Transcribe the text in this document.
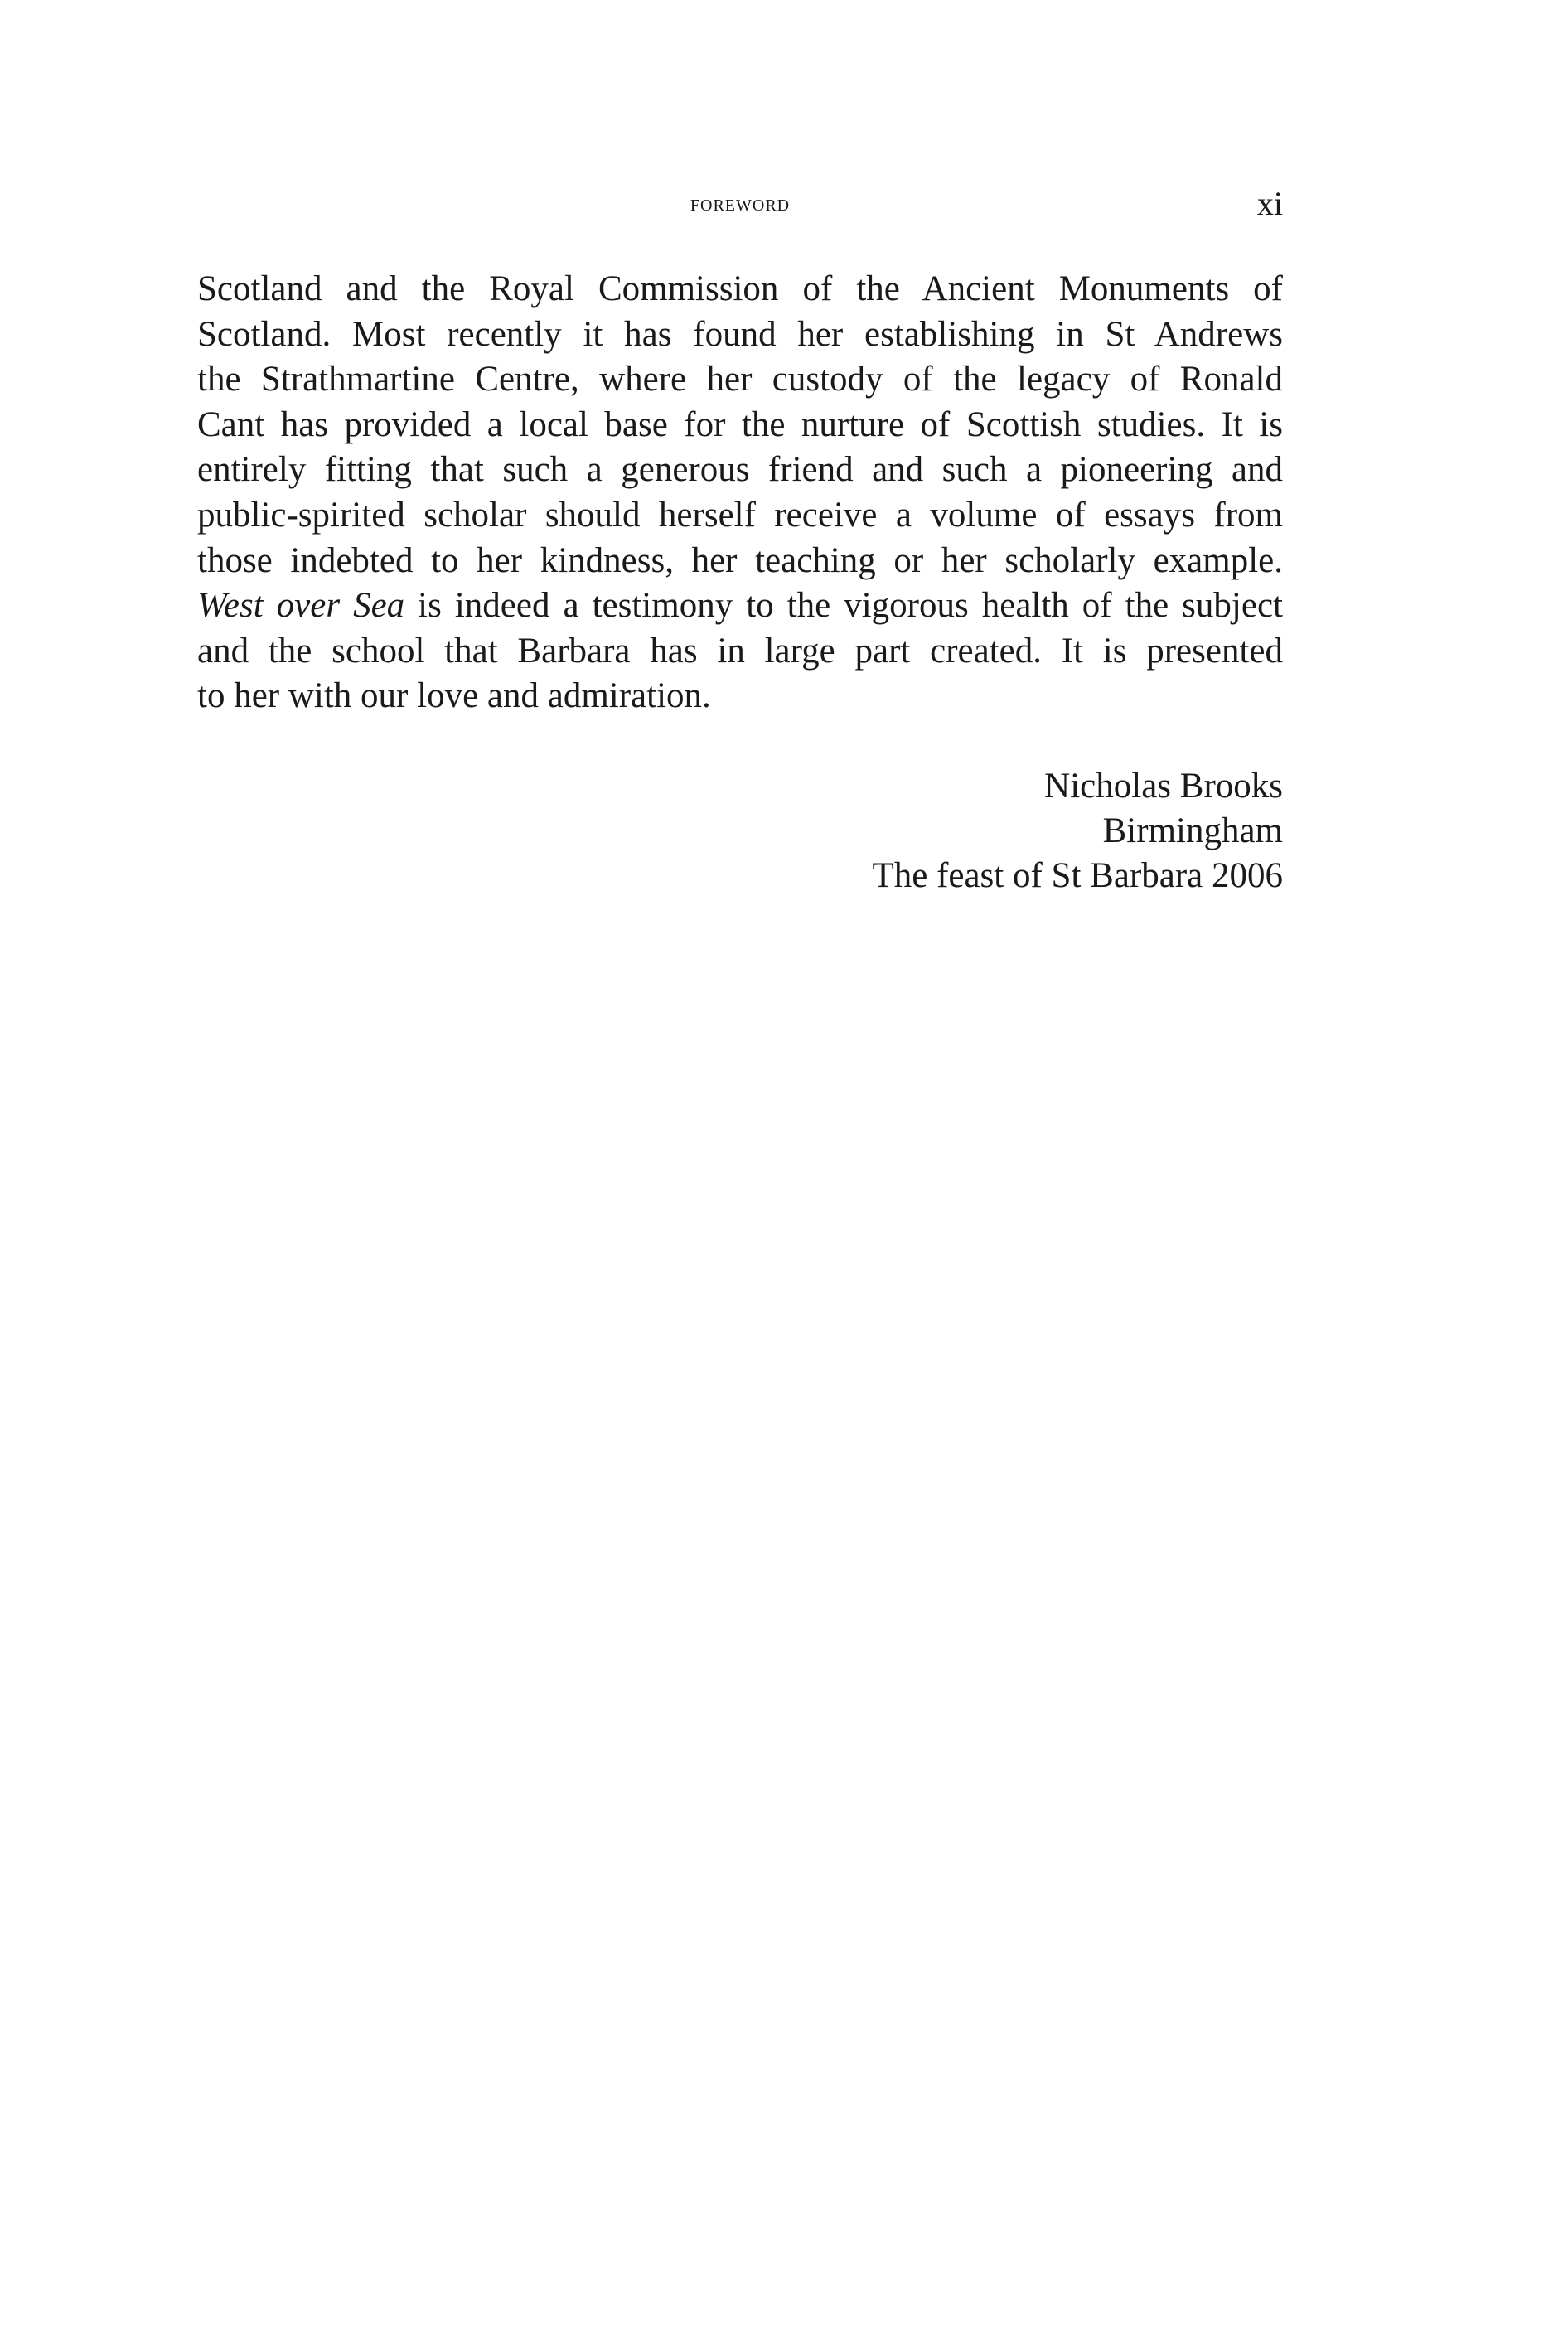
foreword	xi
Scotland and the Royal Commission of the Ancient Monuments of
Scotland. Most recently it has found her establishing in St Andrews
the Strathmartine Centre, where her custody of the legacy of Ronald
Cant has provided a local base for the nurture of Scottish studies. It is
entirely fitting that such a generous friend and such a pioneering and
public-spirited scholar should herself receive a volume of essays from
those indebted to her kindness, her teaching or her scholarly example.
West over Sea is indeed a testimony to the vigorous health of the subject
and the school that Barbara has in large part created. It is presented
to her with our love and admiration.
Nicholas Brooks
Birmingham
The feast of St Barbara 2006
